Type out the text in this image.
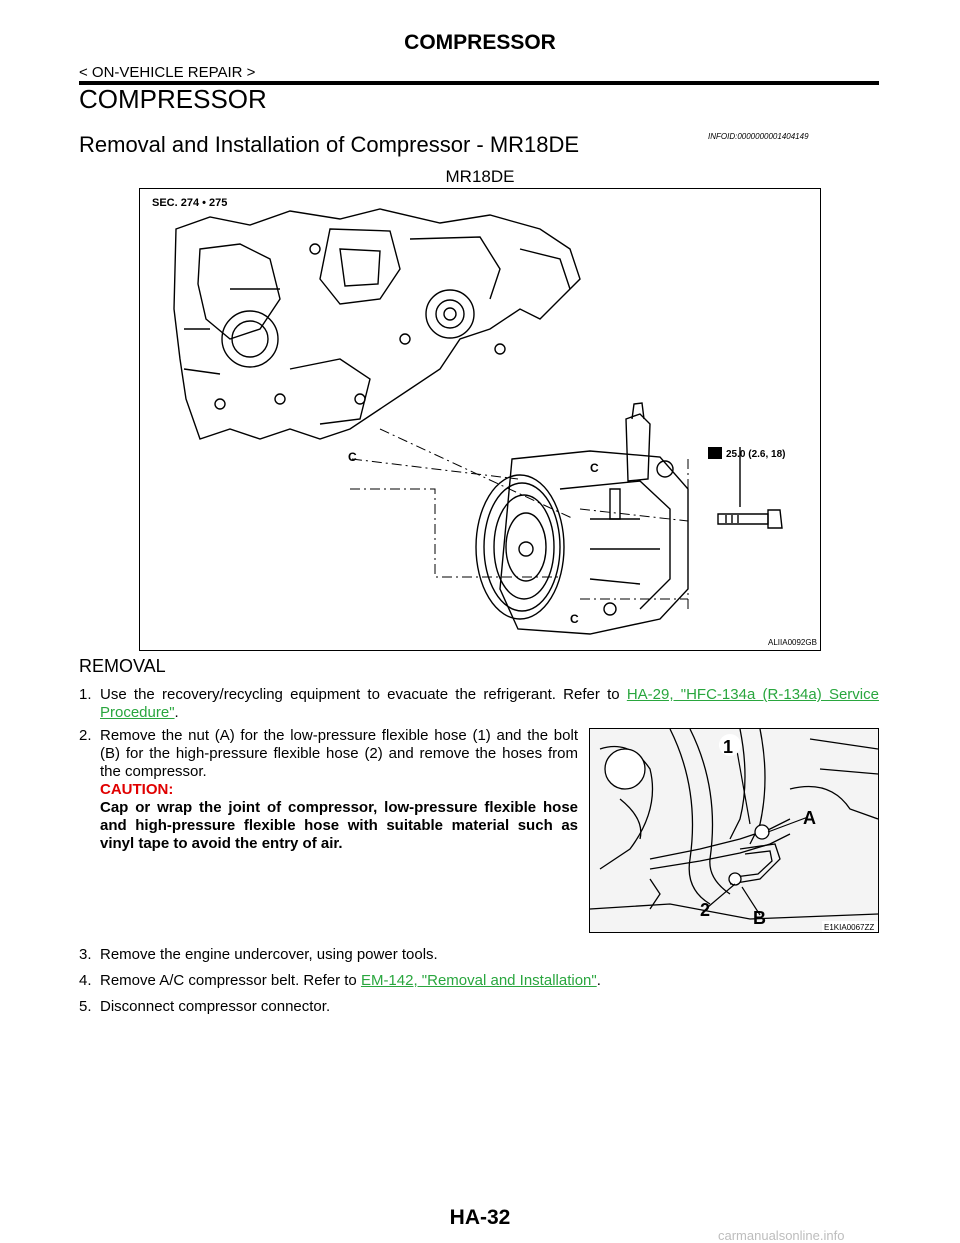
COMPRESSOR
< ON-VEHICLE REPAIR >
COMPRESSOR
Removal and Installation of Compressor - MR18DE	INFOID:0000000001404149
MR18DE
SEC. 274 • 275
25.0 (2.6, 18)
C
C
C
ALIIA0092GB
REMOVAL
1. Use the recovery/recycling equipment to evacuate the refrigerant. Refer to HA-29, "HFC-134a (R-134a) Service Procedure".
2. Remove the nut (A) for the low-pressure flexible hose (1) and the bolt (B) for the high-pressure flexible hose (2) and remove the hoses from the compressor.
CAUTION:
Cap or wrap the joint of compressor, low-pressure flexible hose and high-pressure flexible hose with suitable material such as vinyl tape to avoid the entry of air.
1
A
2 B	E1KIA0067ZZ
3. Remove the engine undercover, using power tools.
4. Remove A/C compressor belt. Refer to EM-142, "Removal and Installation".
5. Disconnect compressor connector.
HA-32
carmanualsonline.info
